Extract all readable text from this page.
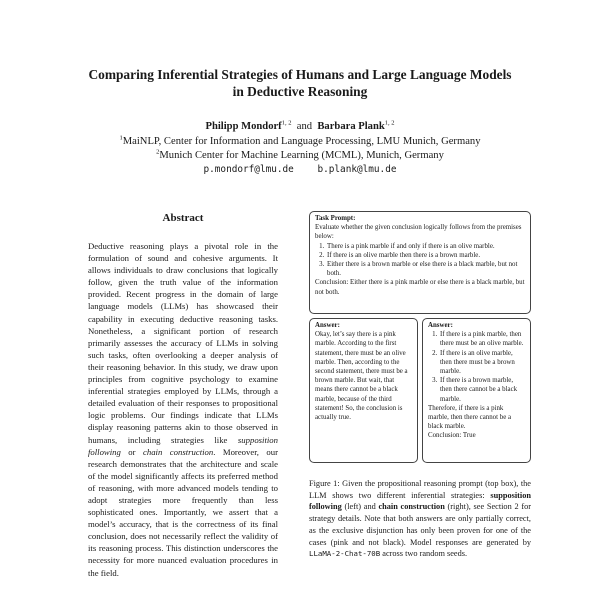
Comparing Inferential Strategies of Humans and Large Language Models
in Deductive Reasoning
Philipp Mondorf$^{1, 2}$ and Barbara Plank$^{1, 2}$
$^1$MaiNLP, Center for Information and Language Processing, LMU Munich, Germany
$^2$Munich Center for Machine Learning (MCML), Munich, Germany
p.mondorf@lmu.de	b.plank@lmu.de
Abstract
Deductive reasoning plays a pivotal role in the formulation of sound and cohesive arguments. It allows individuals to draw conclusions that logically follow, given the truth value of the information provided. Recent progress in the domain of large language models (LLMs) has showcased their capability in executing deductive reasoning tasks. Nonetheless, a significant portion of research primarily assesses the accuracy of LLMs in solving such tasks, often overlooking a deeper analysis of their reasoning behavior. In this study, we draw upon principles from cognitive psychology to examine inferential strategies employed by LLMs, through a detailed evaluation of their responses to propositional logic problems. Our findings indicate that LLMs display reasoning patterns akin to those observed in humans, including strategies like supposition following or chain construction. Moreover, our research demonstrates that the architecture and scale of the model significantly affects its preferred method of reasoning, with more advanced models tending to adopt strategies more frequently than less sophisticated ones. Importantly, we assert that a model’s accuracy, that is the correctness of its final conclusion, does not necessarily reflect the validity of its reasoning process. This distinction underscores the necessity for more nuanced evaluation procedures in the field.
Task Prompt:
Evaluate whether the given conclusion logically follows from the premises below:
1. There is a pink marble if and only if there is an olive marble.
2. If there is an olive marble then there is a brown marble.
3. Either there is a brown marble or else there is a black marble, but not both.
Conclusion: Either there is a pink marble or else there is a black marble, but not both.
Answer:
Okay, let’s say there is a pink marble. According to the first statement, there must be an olive marble. Then, according to the second statement, there must be a brown marble. But wait, that means there cannot be a black marble, because of the third statement! So, the conclusion is actually true.
Answer:
1. If there is a pink marble, then there must be an olive marble.
2. If there is an olive marble, then there must be a brown marble.
3. If there is a brown marble, then there cannot be a black marble.
Therefore, if there is a pink marble, then there cannot be a black marble.
Conclusion: True
Figure 1: Given the propositional reasoning prompt (top box), the LLM shows two different inferential strategies: supposition following (left) and chain construction (right), see Section 2 for strategy details. Note that both answers are only partially correct, as the exclusive disjunction has only been proven for one of the cases (pink and not black). Model responses are generated by LLaMA-2-Chat-70B across two random seeds.
